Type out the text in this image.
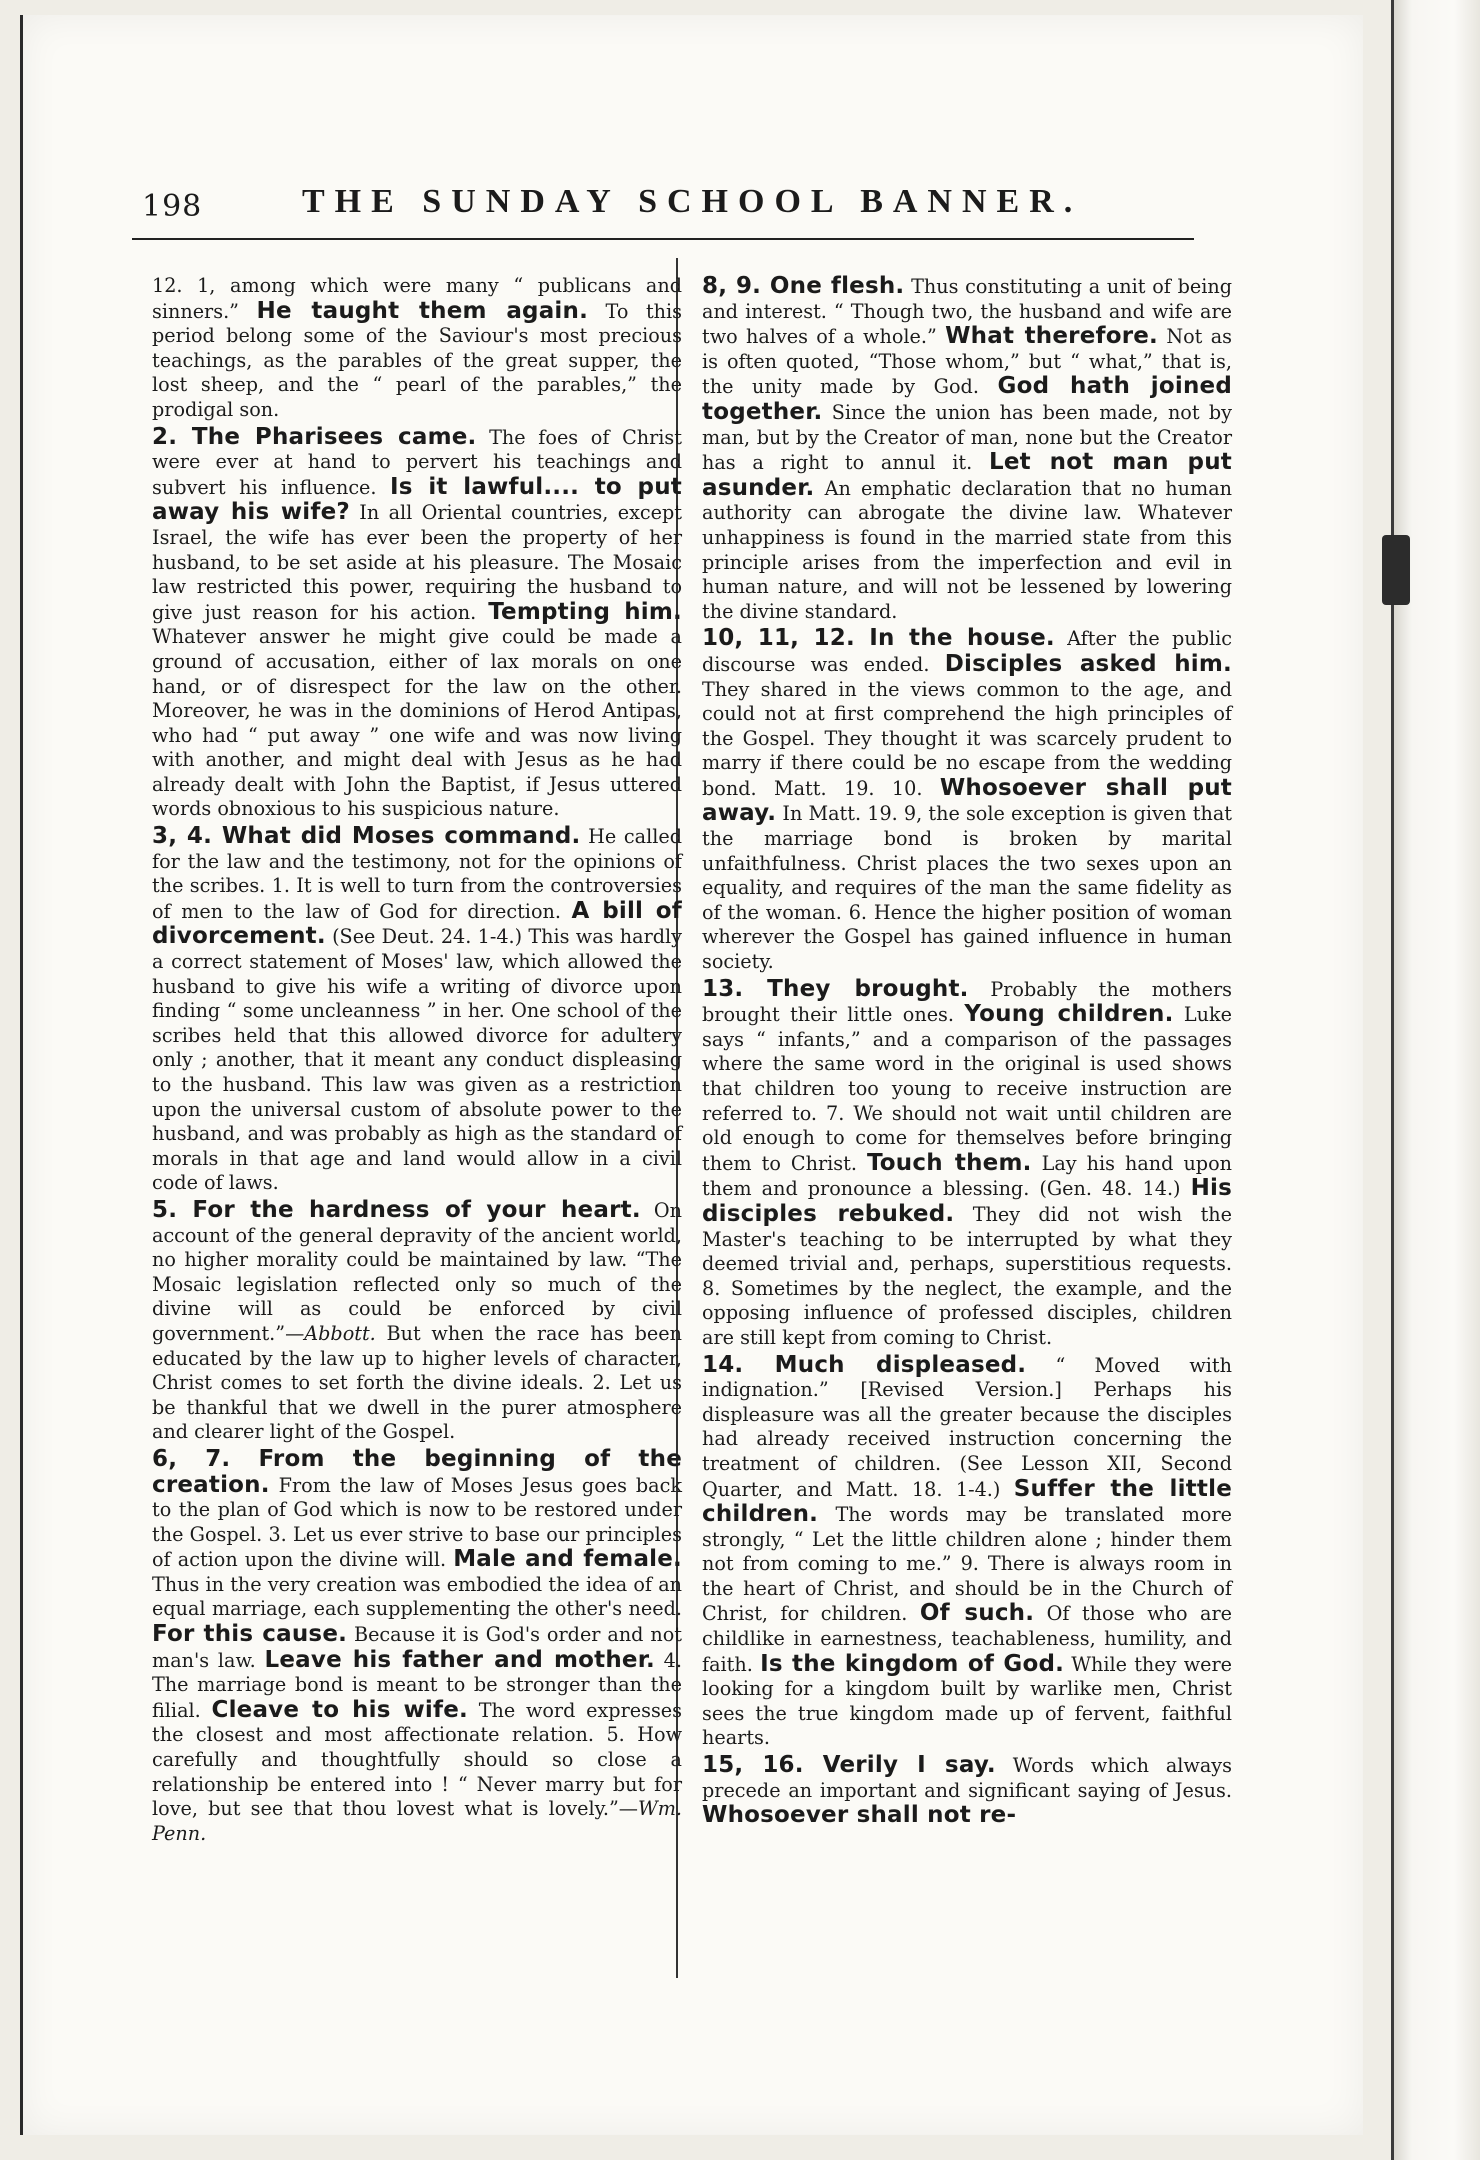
198	THE SUNDAY SCHOOL BANNER.

12. 1, among which were many “ publicans and sinners.” He taught them again. To this period belong some of the Saviour's most precious teachings, as the parables of the great supper, the lost sheep, and the “ pearl of the parables,” the prodigal son.

2. The Pharisees came. The foes of Christ were ever at hand to pervert his teachings and subvert his influence. Is it lawful.... to put away his wife? In all Oriental countries, except Israel, the wife has ever been the property of her husband, to be set aside at his pleasure. The Mosaic law restricted this power, requiring the husband to give just reason for his action. Tempting him. Whatever answer he might give could be made a ground of accusation, either of lax morals on one hand, or of disrespect for the law on the other. Moreover, he was in the dominions of Herod Antipas, who had “ put away ” one wife and was now living with another, and might deal with Jesus as he had already dealt with John the Baptist, if Jesus uttered words obnoxious to his suspicious nature.

3, 4. What did Moses command. He called for the law and the testimony, not for the opinions of the scribes. 1. It is well to turn from the controversies of men to the law of God for direction. A bill of divorcement. (See Deut. 24. 1-4.) This was hardly a correct statement of Moses' law, which allowed the husband to give his wife a writing of divorce upon finding “ some uncleanness ” in her. One school of the scribes held that this allowed divorce for adultery only ; another, that it meant any conduct displeasing to the husband. This law was given as a restriction upon the universal custom of absolute power to the husband, and was probably as high as the standard of morals in that age and land would allow in a civil code of laws.

5. For the hardness of your heart. On account of the general depravity of the ancient world, no higher morality could be maintained by law. “The Mosaic legislation reflected only so much of the divine will as could be enforced by civil government.”—Abbott. But when the race has been educated by the law up to higher levels of character, Christ comes to set forth the divine ideals. 2. Let us be thankful that we dwell in the purer atmosphere and clearer light of the Gospel.

6, 7. From the beginning of the creation. From the law of Moses Jesus goes back to the plan of God which is now to be restored under the Gospel. 3. Let us ever strive to base our principles of action upon the divine will. Male and female. Thus in the very creation was embodied the idea of an equal marriage, each supplementing the other's need. For this cause. Because it is God's order and not man's law. Leave his father and mother. 4. The marriage bond is meant to be stronger than the filial. Cleave to his wife. The word expresses the closest and most affectionate relation. 5. How carefully and thoughtfully should so close a relationship be entered into ! “ Never marry but for love, but see that thou lovest what is lovely.”—Wm. Penn.

8, 9. One flesh. Thus constituting a unit of being and interest. “ Though two, the husband and wife are two halves of a whole.” What therefore. Not as is often quoted, “Those whom,” but “ what,” that is, the unity made by God. God hath joined together. Since the union has been made, not by man, but by the Creator of man, none but the Creator has a right to annul it. Let not man put asunder. An emphatic declaration that no human authority can abrogate the divine law. Whatever unhappiness is found in the married state from this principle arises from the imperfection and evil in human nature, and will not be lessened by lowering the divine standard.

10, 11, 12. In the house. After the public discourse was ended. Disciples asked him. They shared in the views common to the age, and could not at first comprehend the high principles of the Gospel. They thought it was scarcely prudent to marry if there could be no escape from the wedding bond. Matt. 19. 10. Whosoever shall put away. In Matt. 19. 9, the sole exception is given that the marriage bond is broken by marital unfaithfulness. Christ places the two sexes upon an equality, and requires of the man the same fidelity as of the woman. 6. Hence the higher position of woman wherever the Gospel has gained influence in human society.

13. They brought. Probably the mothers brought their little ones. Young children. Luke says “ infants,” and a comparison of the passages where the same word in the original is used shows that children too young to receive instruction are referred to. 7. We should not wait until children are old enough to come for themselves before bringing them to Christ. Touch them. Lay his hand upon them and pronounce a blessing. (Gen. 48. 14.) His disciples rebuked. They did not wish the Master's teaching to be interrupted by what they deemed trivial and, perhaps, superstitious requests. 8. Sometimes by the neglect, the example, and the opposing influence of professed disciples, children are still kept from coming to Christ.

14. Much displeased. “ Moved with indignation.” [Revised Version.] Perhaps his displeasure was all the greater because the disciples had already received instruction concerning the treatment of children. (See Lesson XII, Second Quarter, and Matt. 18. 1-4.) Suffer the little children. The words may be translated more strongly, “ Let the little children alone ; hinder them not from coming to me.” 9. There is always room in the heart of Christ, and should be in the Church of Christ, for children. Of such. Of those who are childlike in earnestness, teachableness, humility, and faith. Is the kingdom of God. While they were looking for a kingdom built by warlike men, Christ sees the true kingdom made up of fervent, faithful hearts.

15, 16. Verily I say. Words which always precede an important and significant saying of Jesus. Whosoever shall not re-
